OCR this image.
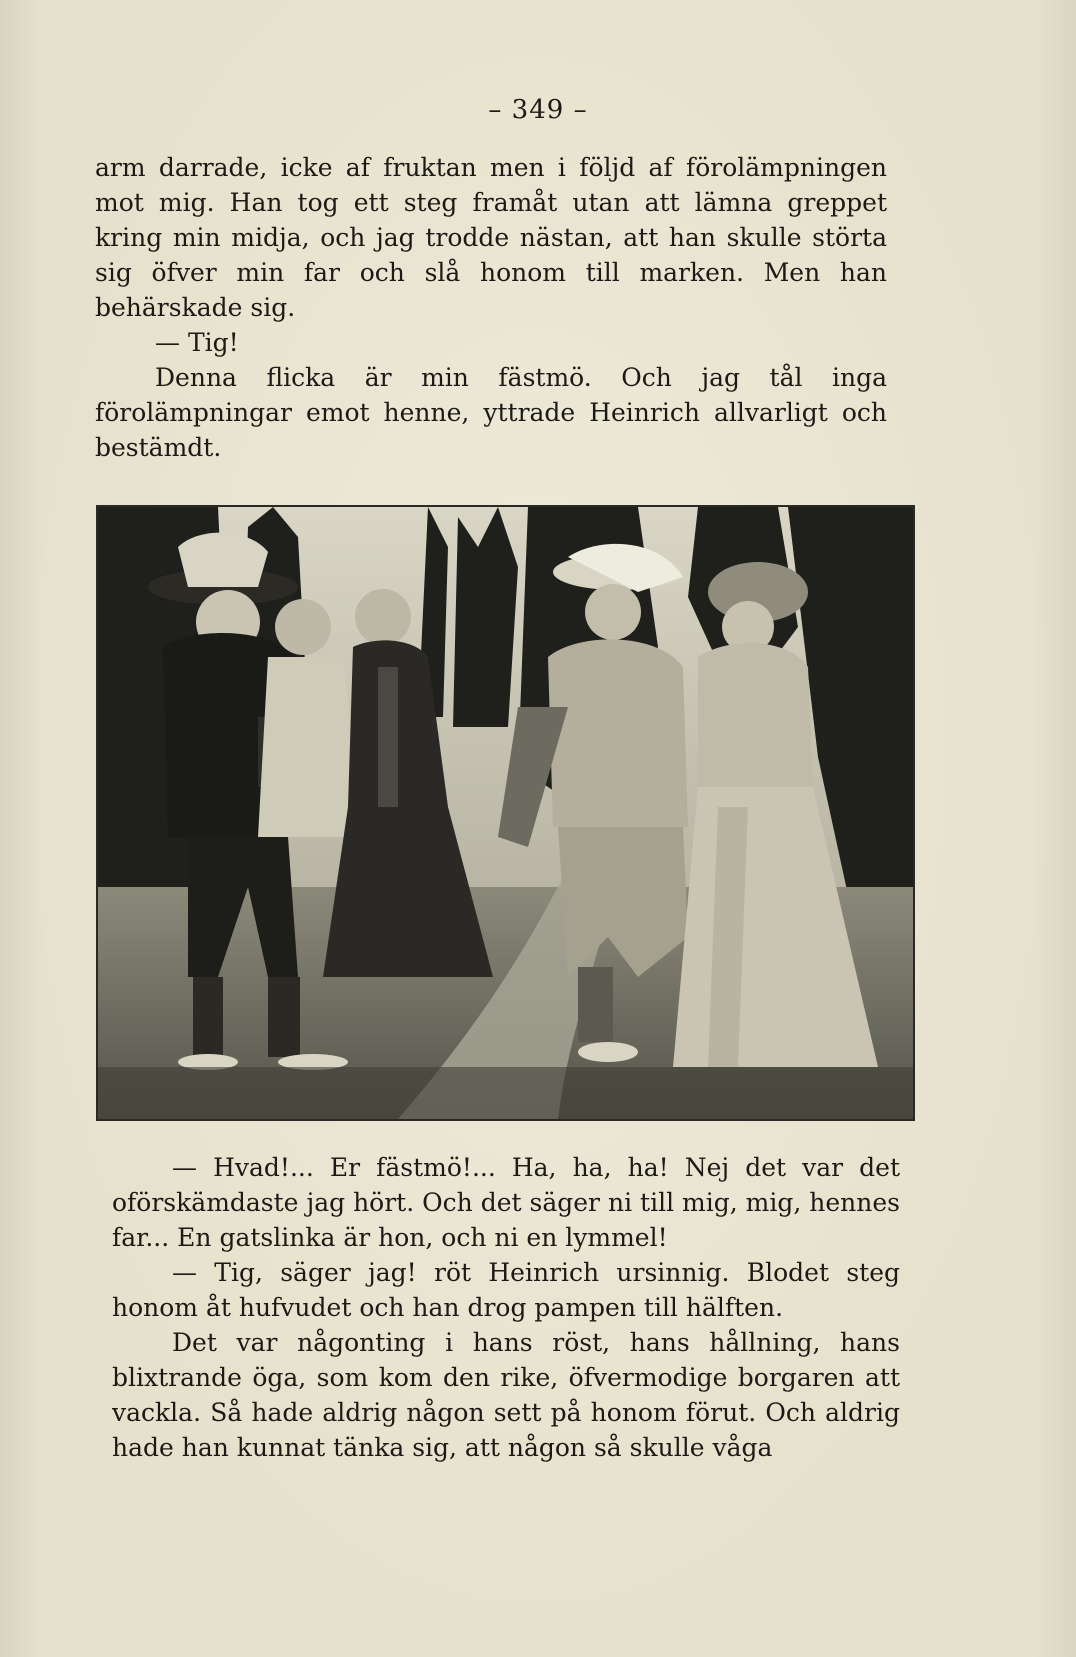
– 349 –

arm darrade, icke af fruktan men i följd af förolämpningen mot mig. Han tog ett steg framåt utan att lämna greppet kring min midja, och jag trodde nästan, att han skulle störta sig öfver min far och slå honom till marken. Men han behärskade sig.

— Tig!

Denna flicka är min fästmö. Och jag tål inga förolämpningar emot henne, yttrade Heinrich allvarligt och bestämdt.

— Hvad!... Er fästmö!... Ha, ha, ha! Nej det var det oförskämdaste jag hört. Och det säger ni till mig, mig, hennes far... En gatslinka är hon, och ni en lymmel!

— Tig, säger jag! röt Heinrich ursinnig. Blodet steg honom åt hufvudet och han drog pampen till hälften.

Det var någonting i hans röst, hans hållning, hans blixtrande öga, som kom den rike, öfvermodige borgaren att vackla. Så hade aldrig någon sett på honom förut. Och aldrig hade han kunnat tänka sig, att någon så skulle våga
